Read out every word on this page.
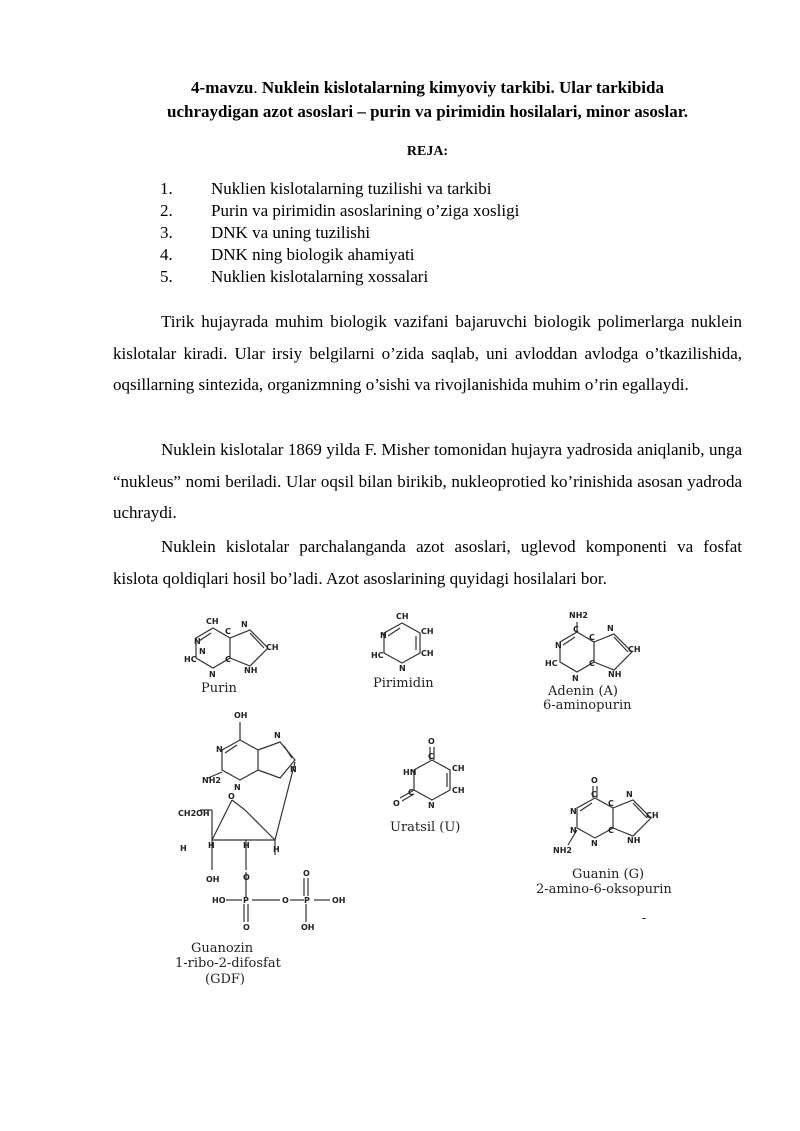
4-mavzu. Nuklein kislotalarning kimyoviy tarkibi. Ular tarkibida
uchraydigan azot asoslari – purin va pirimidin hosilalari, minor asoslar.
REJA:
1.	Nuklien kislotalarning tuzilishi va tarkibi
2.	Purin va pirimidin asoslarining o’ziga xosligi
3.	DNK va uning tuzilishi
4.	DNK ning biologik ahamiyati
5.	Nuklien kislotalarning xossalari

Tirik hujayrada muhim biologik vazifani bajaruvchi biologik polimerlarga nuklein kislotalar kiradi. Ular irsiy belgilarni o’zida saqlab, uni avloddan avlodga o’tkazilishida, oqsillarning sintezida, organizmning o’sishi va rivojlanishida muhim o’rin egallaydi.

Nuklein kislotalar 1869 yilda F. Misher tomonidan hujayra yadrosida aniqlanib, unga “nukleus” nomi beriladi. Ular oqsil bilan birikib, nukleoprotied ko’rinishida asosan yadroda uchraydi.

Nuklein kislotalar parchalanganda azot asoslari, uglevod komponenti va fosfat kislota qoldiqlari hosil bo’ladi. Azot asoslarining quyidagi hosilalari bor.

CH	N
C
N
CH
HC
N
C
N
NH
Purin
CH
N	CH
HC	CH
N
Pirimidin
NH2
C	N
C
N	CH
HC
N
C
NH
Adenin (A)
6-aminopurin
OH
N
N
NH2
N
N
O
CH2OH
H	H	H	H
OH	O	O
HO P	O P	OH
O	OH
Guanozin
1-ribo-2-difosfat
(GDF)
O
C
HN	CH
C	CH
O	N
Uratsil (U)
O
C	N
N
C
CH
N
C
N
NH
NH2
Guanin (G)
2-amino-6-oksopurin
-
